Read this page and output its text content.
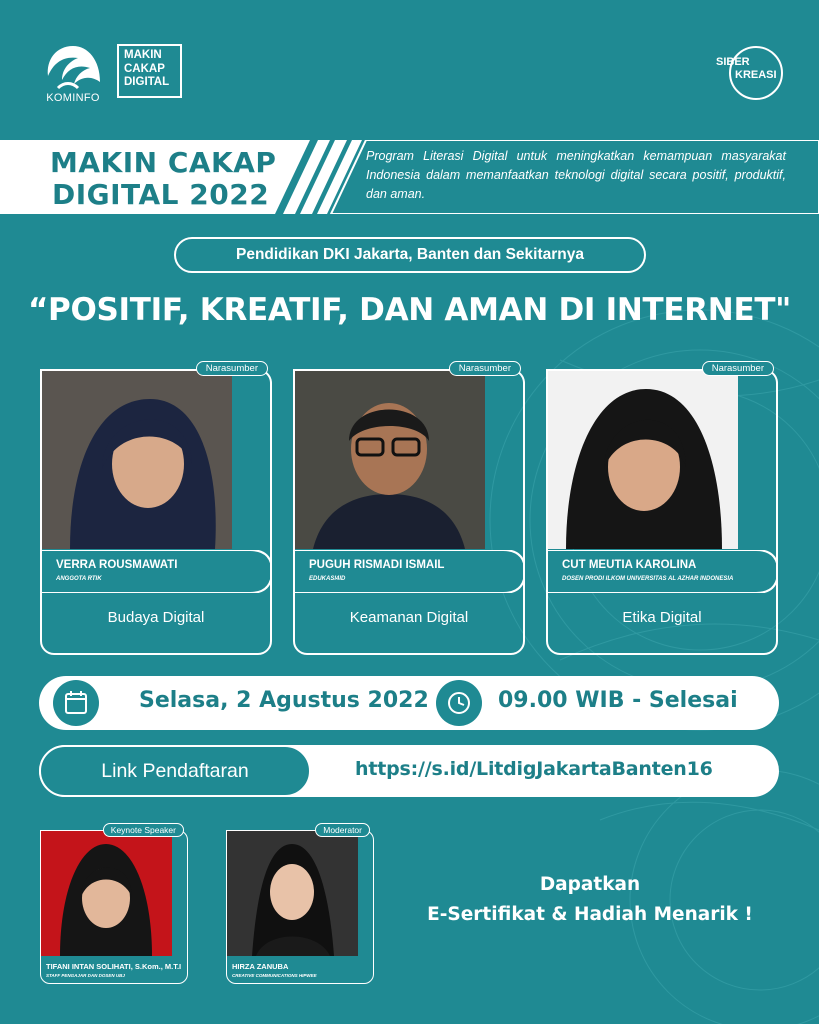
KOMINFO
MAKIN
CAKAP
DIGITAL
SIBER
KREASI
MAKIN CAKAP
DIGITAL 2022
Program Literasi Digital untuk meningkatkan kemampuan masyarakat Indonesia dalam memanfaatkan teknologi digital secara positif, produktif, dan aman.
Pendidikan DKI Jakarta, Banten dan Sekitarnya
“POSITIF, KREATIF, DAN AMAN DI INTERNET"
Narasumber
VERRA ROUSMAWATI
ANGGOTA RTIK
Budaya Digital
Narasumber
PUGUH RISMADI ISMAIL
EDUKASI4ID
Keamanan Digital
Narasumber
CUT MEUTIA KAROLINA
DOSEN PRODI ILKOM UNIVERSITAS AL AZHAR INDONESIA
Etika Digital
Selasa, 2 Agustus 2022	09.00 WIB - Selesai
Link Pendaftaran	https://s.id/LitdigJakartaBanten16
Keynote Speaker
TIFANI INTAN SOLIHATI, S.Kom., M.T.I
STAFF PENGAJAR DAN DOSEN UBJ
Moderator
HIRZA ZANUBA
CREATIVE COMMUNICATIONS HIPWEE
Dapatkan
E-Sertifikat & Hadiah Menarik !
